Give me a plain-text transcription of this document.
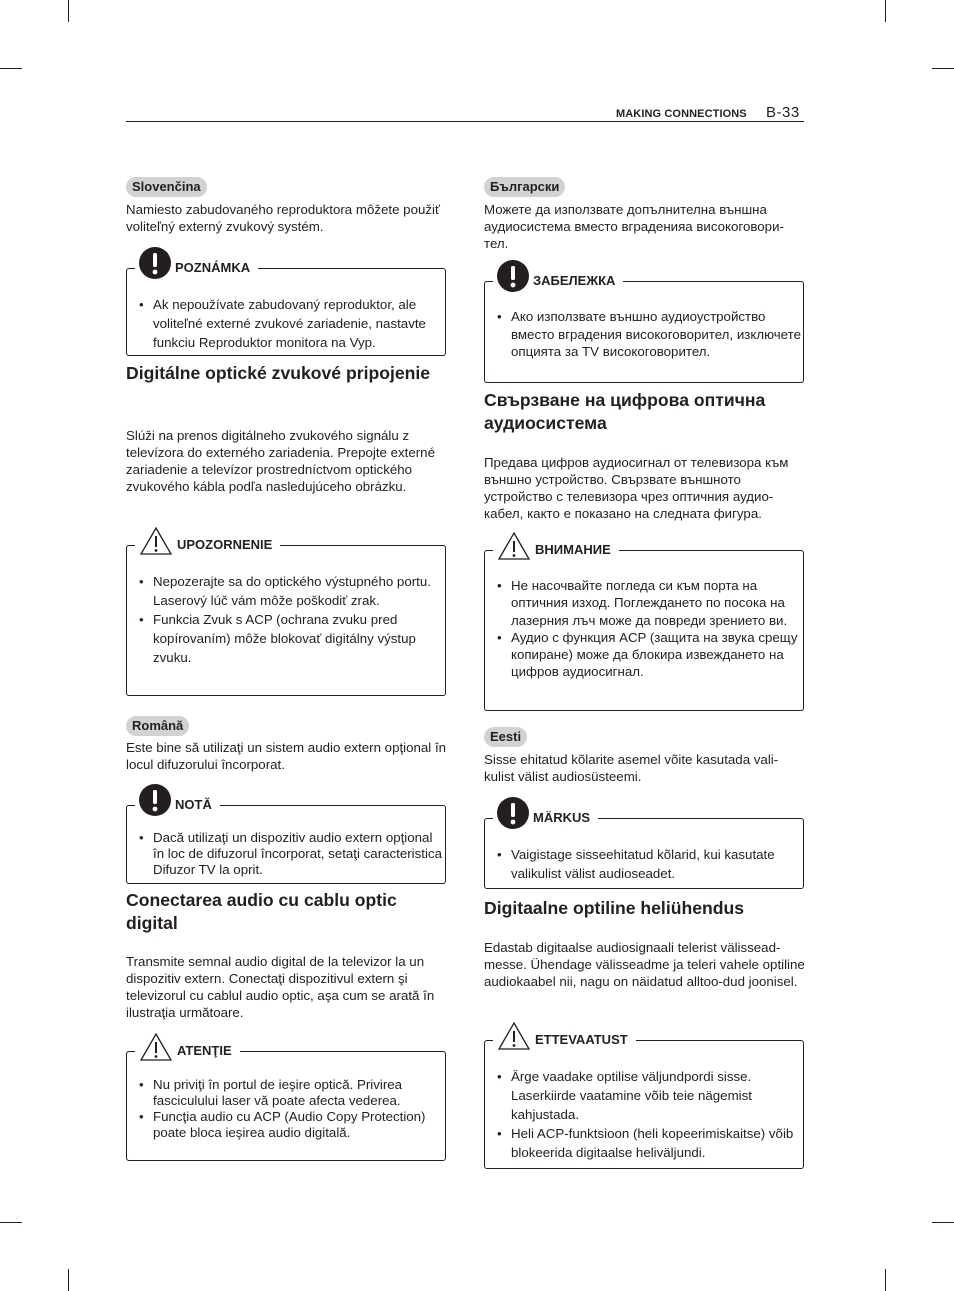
MAKING CONNECTIONS B-33
Slovenčina
Namiesto zabudovaného reproduktora môžete použiť voliteľný externý zvukový systém.
POZNÁMKA
• Ak nepoužívate zabudovaný reproduktor, ale voliteľné externé zvukové zariadenie, nastavte funkciu Reproduktor monitora na Vyp.
Digitálne optické zvukové pripojenie
Slúži na prenos digitálneho zvukového signálu z televízora do externého zariadenia. Prepojte externé zariadenie a televízor prostredníctvom optického zvukového kábla podľa nasledujúceho obrázku.
UPOZORNENIE
• Nepozerajte sa do optického výstupného portu. Laserový lúč vám môže poškodiť zrak.
• Funkcia Zvuk s ACP (ochrana zvuku pred kopírovaním) môže blokovať digitálny výstup zvuku.
Română
Este bine să utilizaţi un sistem audio extern opţional în locul difuzorului încorporat.
NOTĂ
• Dacă utilizaţi un dispozitiv audio extern opţional în loc de difuzorul încorporat, setaţi caracteristica Difuzor TV la oprit.
Conectarea audio cu cablu optic digital
Transmite semnal audio digital de la televizor la un dispozitiv extern. Conectaţi dispozitivul extern şi televizorul cu cablul audio optic, aşa cum se arată în ilustraţia următoare.
ATENŢIE
• Nu priviţi în portul de ieşire optică. Privirea fasciculului laser vă poate afecta vederea.
• Funcţia audio cu ACP (Audio Copy Protection) poate bloca ieşirea audio digitală.
Български
Можете да използвате допълнителна външна аудиосистема вместо вграденияа високоговори-тел.
ЗАБЕЛЕЖКА
• Ако използвате външно аудиоустройство вместо вградения високоговорител, изключете опцията за TV високоговорител.
Свързване на цифрова оптична аудиосистема
Предава цифров аудиосигнал от телевизора към външно устройство. Свързвате външното устройство с телевизора чрез оптичния аудио-кабел, както е показано на следната фигура.
ВНИМАНИЕ
• Не насочвайте погледа си към порта на оптичния изход. Поглеждането по посока на лазерния лъч може да повреди зрението ви.
• Аудио с функция ACP (защита на звука срещу копиране) може да блокира извеждането на цифров аудиосигнал.
Eesti
Sisse ehitatud kõlarite asemel võite kasutada vali-kulist välist audiosüsteemi.
MÄRKUS
• Vaigistage sisseehitatud kõlarid, kui kasutate valikulist välist audioseadet.
Digitaalne optiline heliühendus
Edastab digitaalse audiosignaali telerist välissead-messe. Ühendage välisseadme ja teleri vahele optiline audiokaabel nii, nagu on näidatud alltoo-dud joonisel.
ETTEVAATUST
• Ärge vaadake optilise väljundpordi sisse. Laserkiirde vaatamine võib teie nägemist kahjustada.
• Heli ACP-funktsioon (heli kopeerimiskaitse) võib blokeerida digitaalse heliväljundi.
